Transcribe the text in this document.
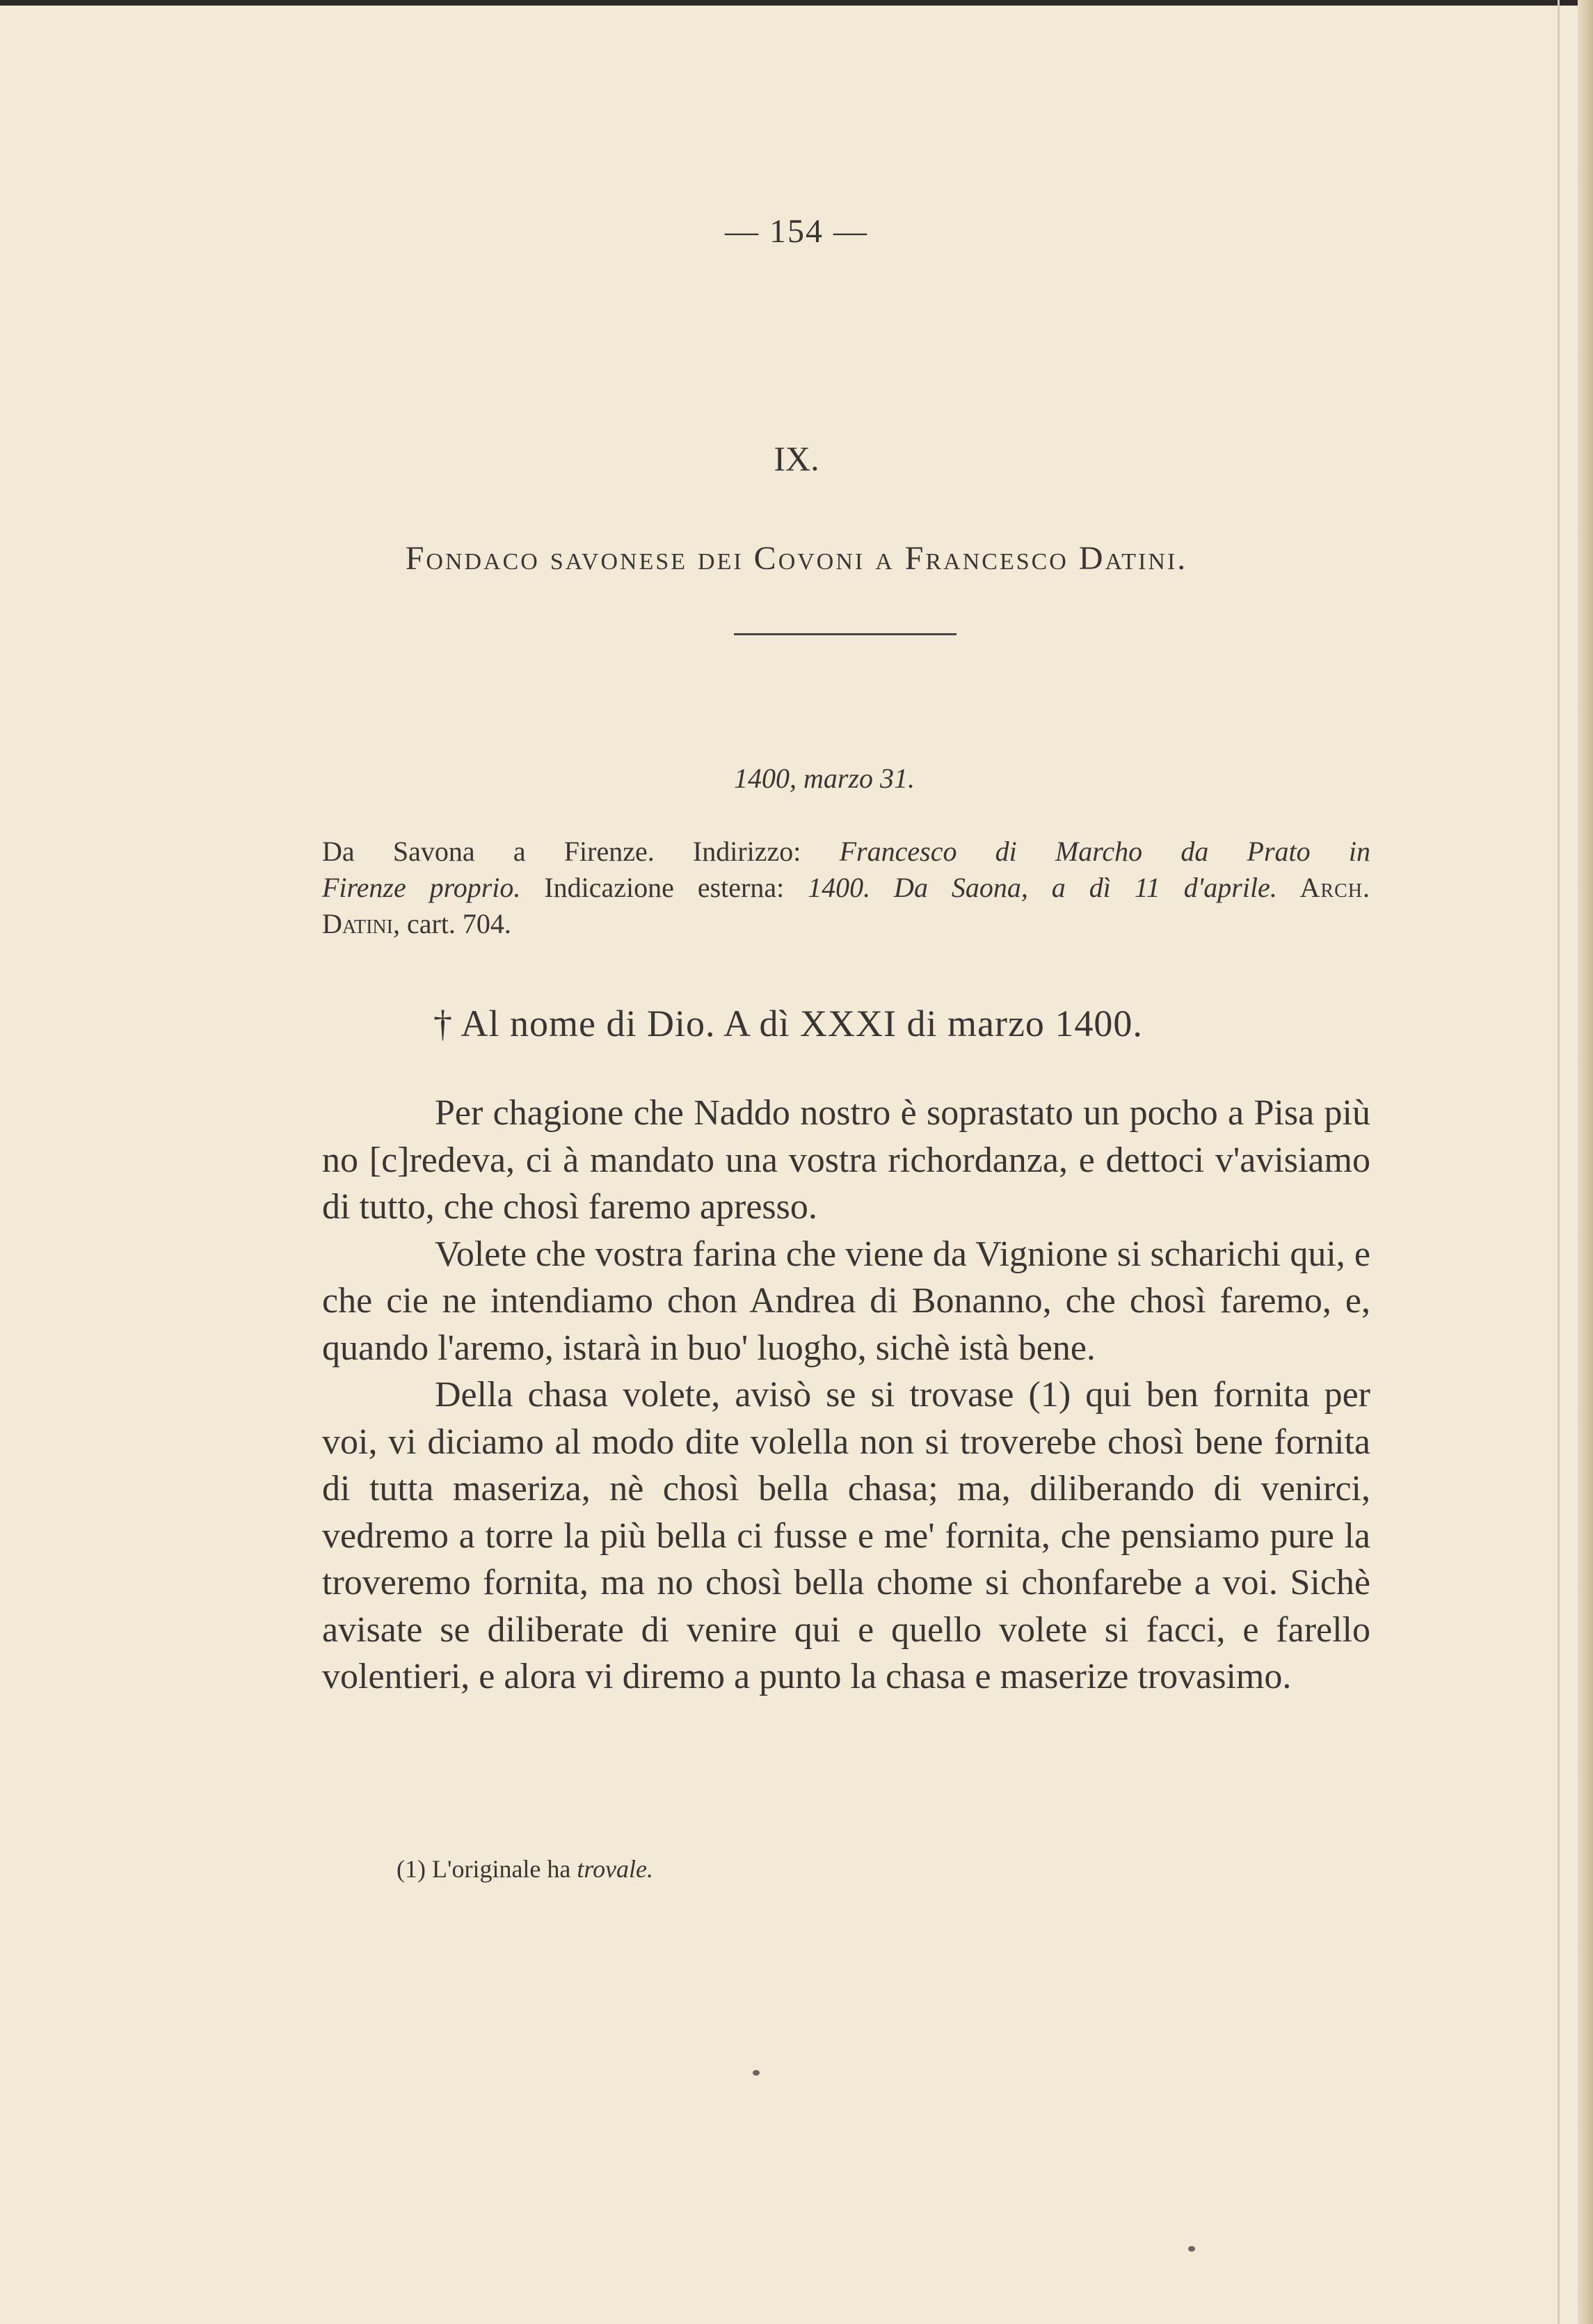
— 154 —
IX.
Fondaco savonese dei Covoni a Francesco Datini.
1400, marzo 31.
Da Savona a Firenze. Indirizzo: Francesco di Marcho da Prato in
Firenze proprio. Indicazione esterna: 1400. Da Saona, a dì 11 d'aprile. Arch.
Datini, cart. 704.
† Al nome di Dio. A dì XXXI di marzo 1400.

Per chagione che Naddo nostro è soprastato un pocho a Pisa più no [c]redeva, ci à mandato una vostra richordanza, e dettoci v'avisiamo di tutto, che chosì faremo apresso.

Volete che vostra farina che viene da Vignione si scharichi qui, e che cie ne intendiamo chon Andrea di Bonanno, che chosì faremo, e, quando l'aremo, istarà in buo' luogho, sichè istà bene.

Della chasa volete, avisò se si trovase (1) qui ben fornita per voi, vi diciamo al modo dite volella non si troverebe chosì bene fornita di tutta maseriza, nè chosì bella chasa; ma, diliberando di venirci, vedremo a torre la più bella ci fusse e me' fornita, che pensiamo pure la troveremo fornita, ma no chosì bella chome si chonfarebe a voi. Sichè avisate se diliberate di venire qui e quello volete si facci, e farello volentieri, e alora vi diremo a punto la chasa e maserize trovasimo.

(1) L'originale ha trovale.
